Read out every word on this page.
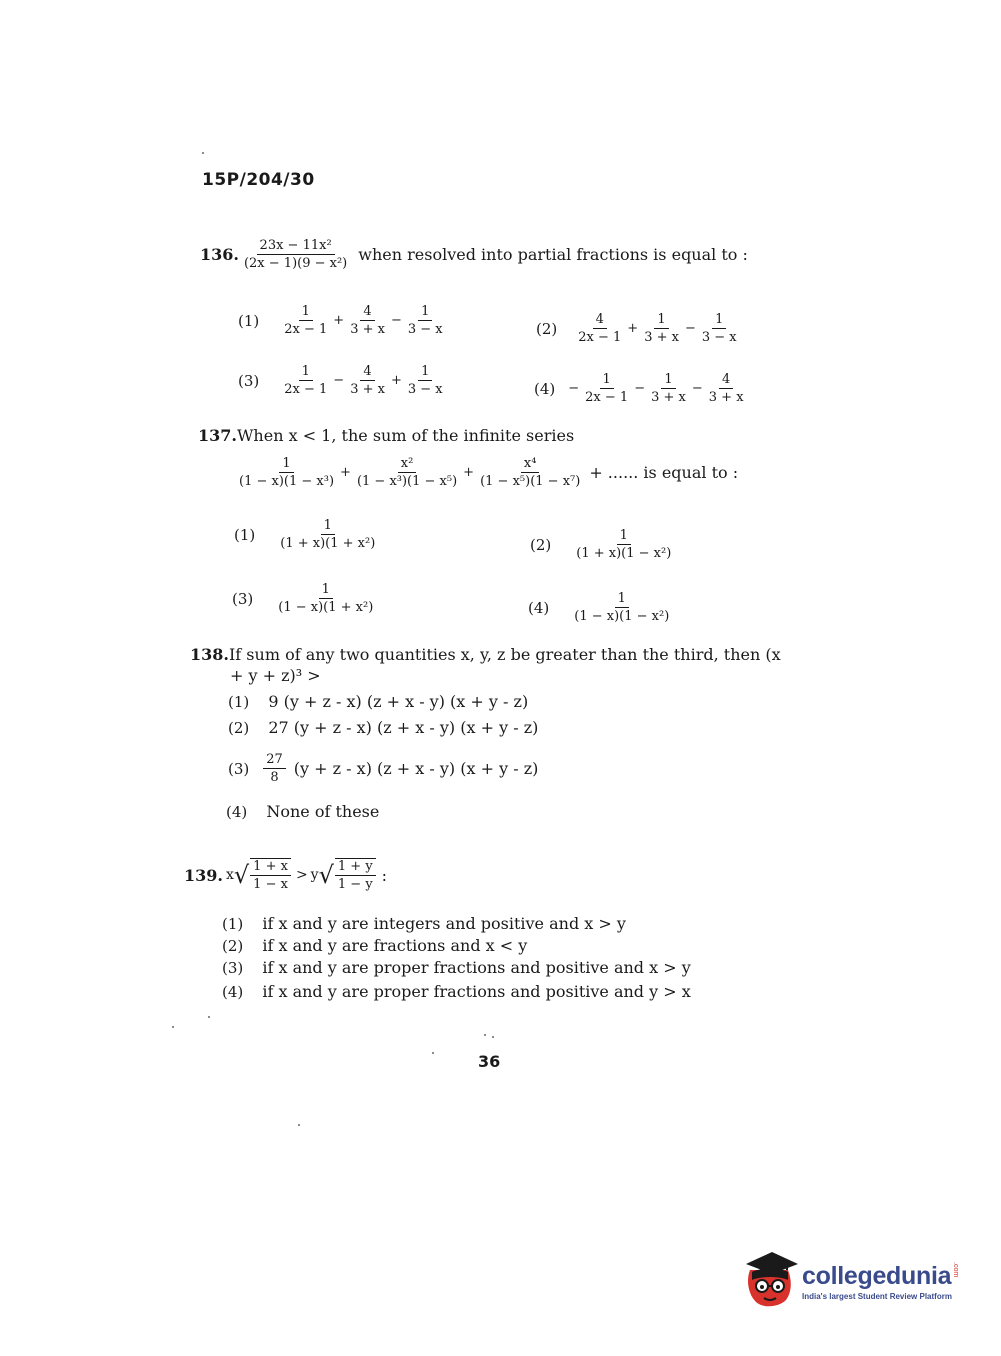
15P/204/30
136. $\frac{\text{23x − 11x²}}{\text{(2x − 1)(9 − x²)}}$ when resolved into partial fractions is equal to :
$(1) \frac{1}{2x - 1} + \frac{4}{3 + x} - \frac{1}{3 - x}$	$(2) \frac{4}{2x - 1} + \frac{1}{3 + x} - \frac{1}{3 - x}$
$(3) \frac{1}{2x - 1} - \frac{4}{3 + x} + \frac{1}{3 - x}$	$(4) - \frac{1}{2x - 1} - \frac{1}{3 + x} - \frac{4}{3 + x}$
137. When x < 1, the sum of the infinite series
$\frac{1}{\text{(1 − x)(1 − x³)}} + \frac{\text{x²}}{\text{(1 − x³)(1 − x⁵)}} + \frac{\text{x⁴}}{\text{(1 − x⁵)(1 − x⁷)}}$ + ...... is equal to :
$(1) \frac{1}{\text{(1 + x)(1 + x²)}}$	$(2) \frac{1}{\text{(1 + x)(1 − x²)}}$
$(3) \frac{1}{\text{(1 − x)(1 + x²)}}$	$(4) \frac{1}{\text{(1 − x)(1 − x²)}}$
138. If sum of any two quantities x, y, z be greater than the third, then (x
+ y + z)³ >
(1) 9 (y + z - x) (z + x - y) (x + y - z)
(2) 27 (y + z - x) (z + x - y) (x + y - z)
$(3) \frac{27}{8} (y + z - x) (z + x - y) (x + y - z)$
(4) None of these
139. x √ $\frac{1 + x}{1 - x} > y$ √ $\frac{1 + y}{1 - y}$ :
(1) if x and y are integers and positive and x > y
(2) if x and y are fractions and x < y
(3) if x and y are proper fractions and positive and x > y
(4) if x and y are proper fractions and positive and y > x
36
collegedunia .com
India's largest Student Review Platform
